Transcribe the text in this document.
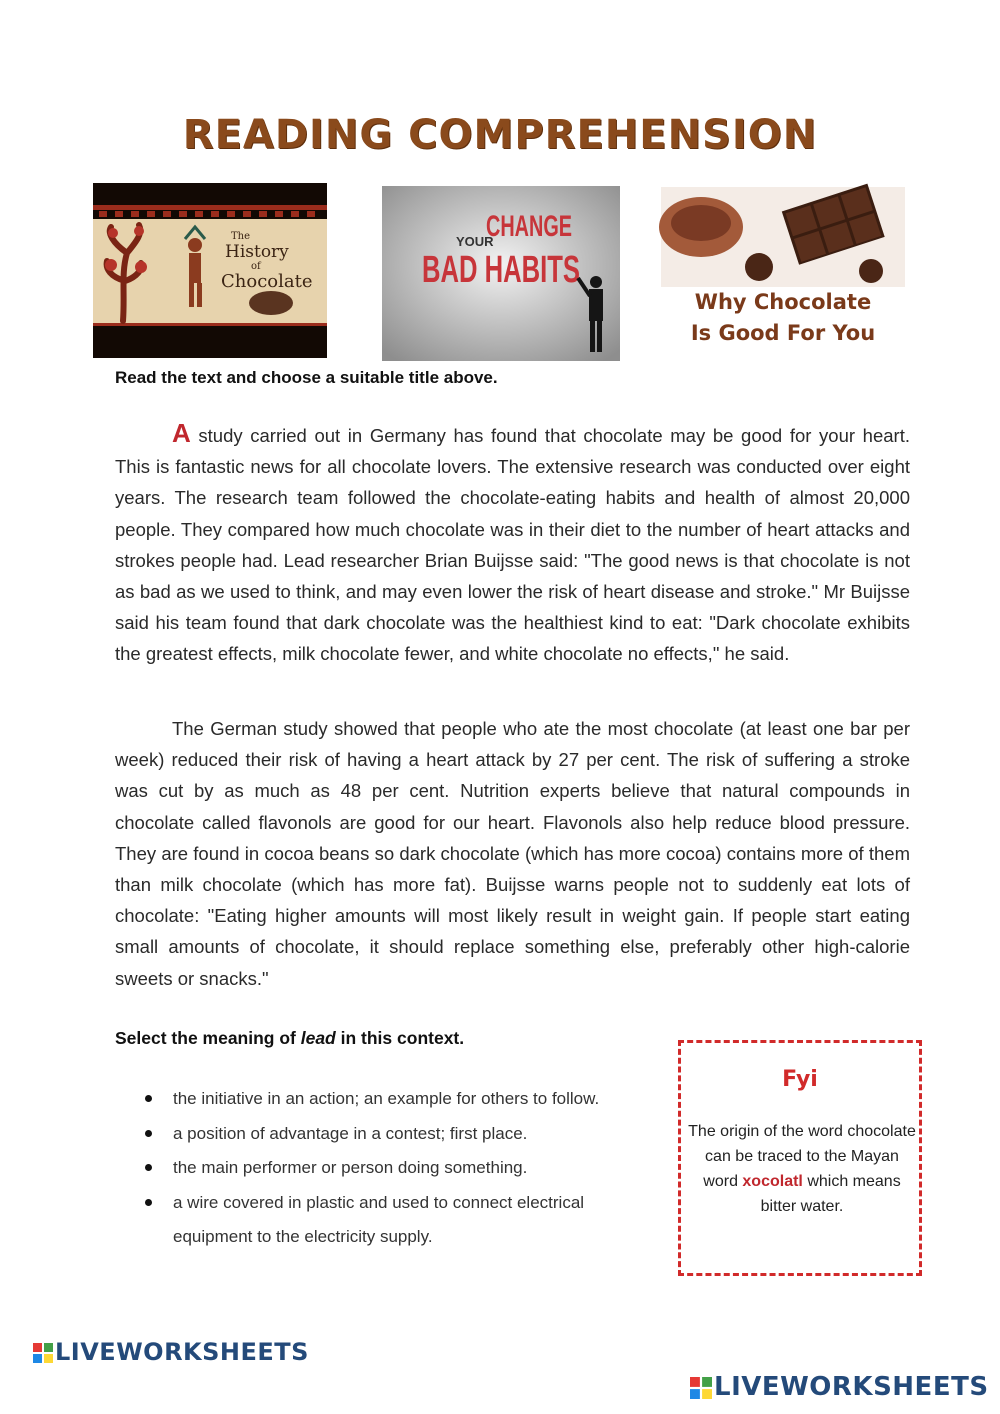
READING COMPREHENSION
The
History
of
Chocolate
YOUR
CHANGE
BAD HABITS
Why Chocolate
Is Good For You
Read the text and choose a suitable title above.
A study carried out in Germany has found that chocolate may be good for your heart. This is fantastic news for all chocolate lovers. The extensive research was conducted over eight years. The research team followed the chocolate-eating habits and health of almost 20,000 people. They compared how much chocolate was in their diet to the number of heart attacks and strokes people had. Lead researcher Brian Buijsse said: "The good news is that chocolate is not as bad as we used to think, and may even lower the risk of heart disease and stroke." Mr Buijsse said his team found that dark chocolate was the healthiest kind to eat: "Dark chocolate exhibits the greatest effects, milk chocolate fewer, and white chocolate no effects," he said.
The German study showed that people who ate the most chocolate (at least one bar per week) reduced their risk of having a heart attack by 27 per cent. The risk of suffering a stroke was cut by as much as 48 per cent. Nutrition experts believe that natural compounds in chocolate called flavonols are good for our heart. Flavonols also help reduce blood pressure. They are found in cocoa beans so dark chocolate (which has more cocoa) contains more of them than milk chocolate (which has more fat). Buijsse warns people not to suddenly eat lots of chocolate: "Eating higher amounts will most likely result in weight gain. If people start eating small amounts of chocolate, it should replace something else, preferably other high-calorie sweets or snacks."
Select the meaning of lead in this context.
the initiative in an action; an example for others to follow.
a position of advantage in a contest; first place.
the main performer or person doing something.
a wire covered in plastic and used to connect electrical equipment to the electricity supply.
Fyi
The origin of the word chocolate can be traced to the Mayan word xocolatl which means bitter water.
LIVEWORKSHEETS
LIVEWORKSHEETS
